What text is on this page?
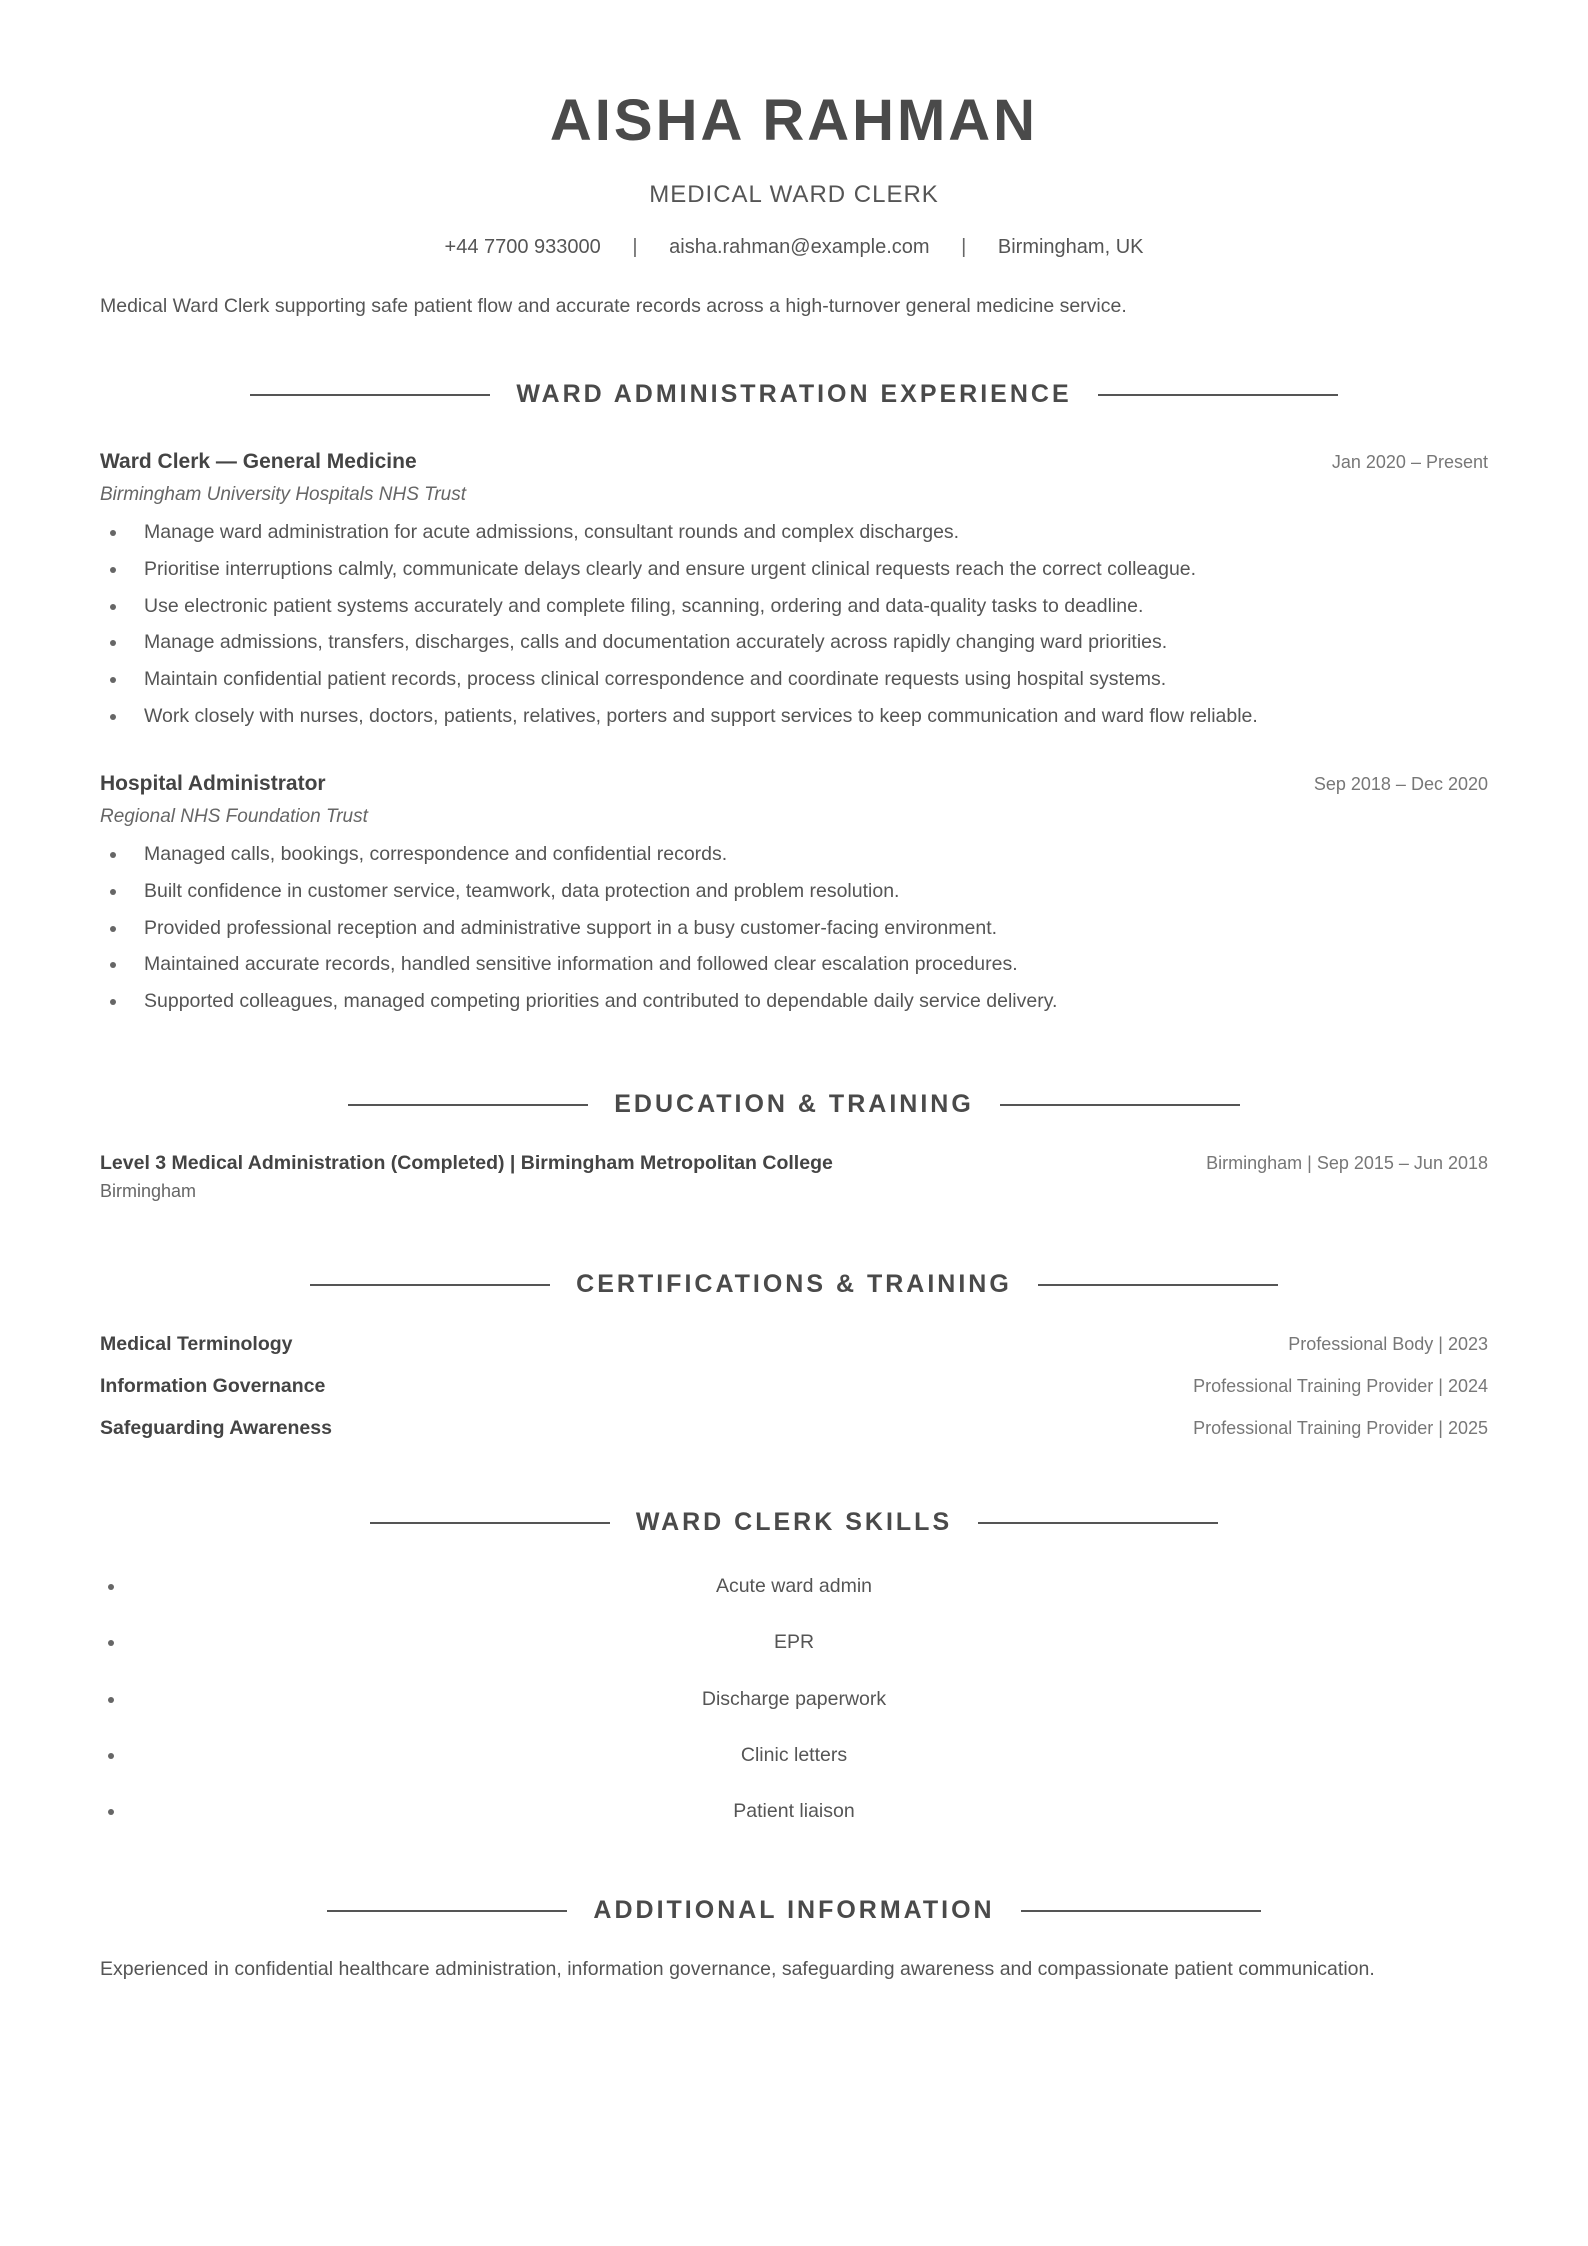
AISHA RAHMAN
MEDICAL WARD CLERK
+44 7700 933000 | aisha.rahman@example.com | Birmingham, UK
Medical Ward Clerk supporting safe patient flow and accurate records across a high-turnover general medicine service.
WARD ADMINISTRATION EXPERIENCE
Ward Clerk — General Medicine	Jan 2020 – Present
Birmingham University Hospitals NHS Trust
Manage ward administration for acute admissions, consultant rounds and complex discharges.
Prioritise interruptions calmly, communicate delays clearly and ensure urgent clinical requests reach the correct colleague.
Use electronic patient systems accurately and complete filing, scanning, ordering and data-quality tasks to deadline.
Manage admissions, transfers, discharges, calls and documentation accurately across rapidly changing ward priorities.
Maintain confidential patient records, process clinical correspondence and coordinate requests using hospital systems.
Work closely with nurses, doctors, patients, relatives, porters and support services to keep communication and ward flow reliable.
Hospital Administrator	Sep 2018 – Dec 2020
Regional NHS Foundation Trust
Managed calls, bookings, correspondence and confidential records.
Built confidence in customer service, teamwork, data protection and problem resolution.
Provided professional reception and administrative support in a busy customer-facing environment.
Maintained accurate records, handled sensitive information and followed clear escalation procedures.
Supported colleagues, managed competing priorities and contributed to dependable daily service delivery.
EDUCATION & TRAINING
Level 3 Medical Administration (Completed) | Birmingham Metropolitan College	Birmingham | Sep 2015 – Jun 2018
Birmingham
CERTIFICATIONS & TRAINING
Medical Terminology	Professional Body | 2023
Information Governance	Professional Training Provider | 2024
Safeguarding Awareness	Professional Training Provider | 2025
WARD CLERK SKILLS
Acute ward admin
EPR
Discharge paperwork
Clinic letters
Patient liaison
ADDITIONAL INFORMATION
Experienced in confidential healthcare administration, information governance, safeguarding awareness and compassionate patient communication.
